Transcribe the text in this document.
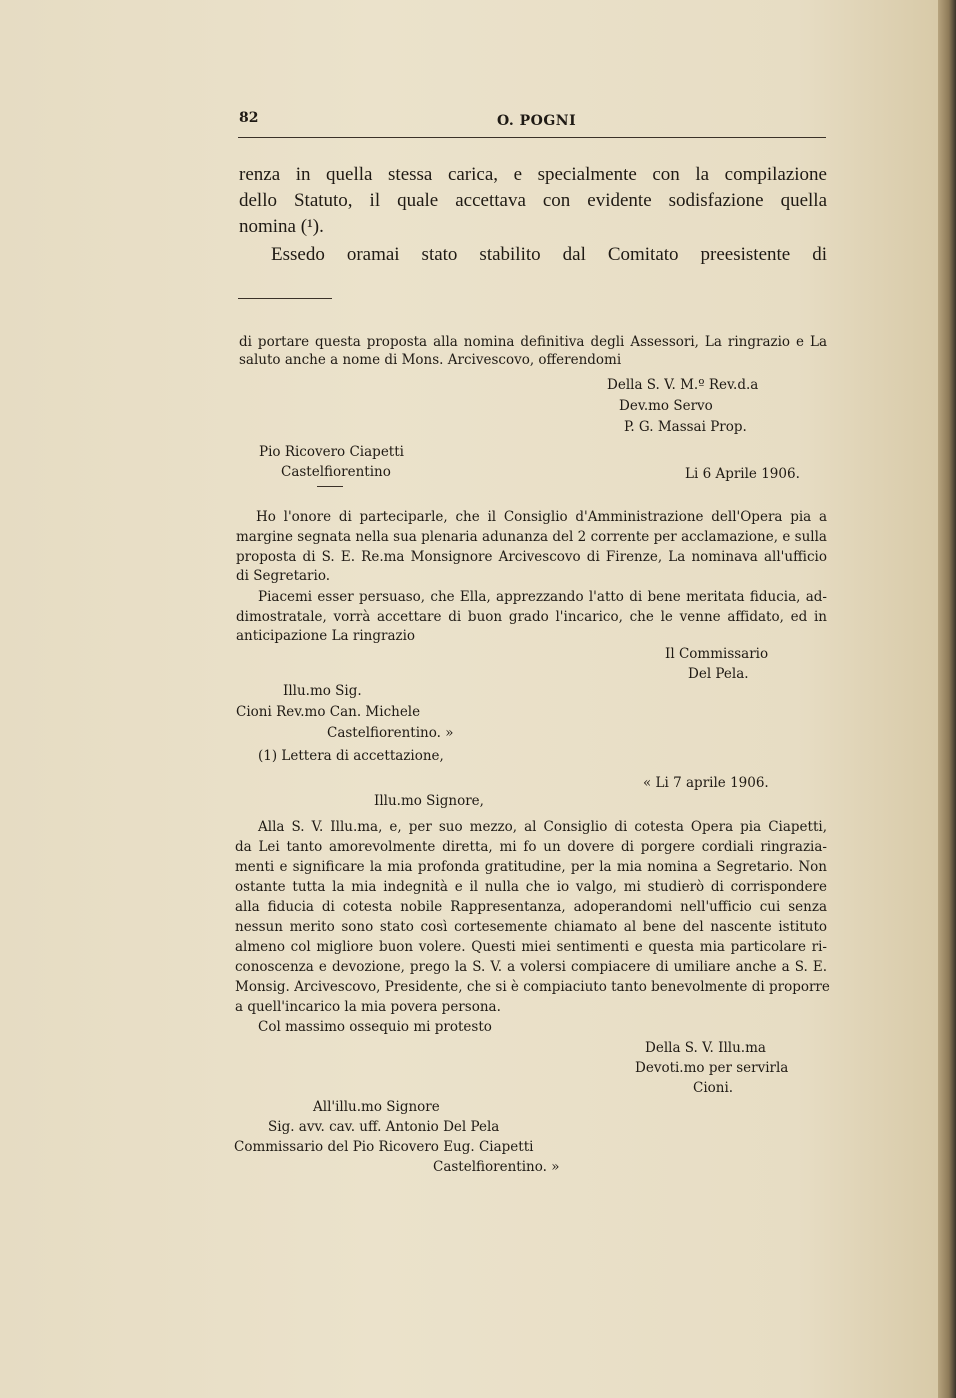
82	O. POGNI
renza in quella stessa carica, e specialmente con la compilazione
dello Statuto, il quale accettava con evidente sodisfazione quella
nomina (¹).
Essedo oramai stato stabilito dal Comitato preesistente di
di portare questa proposta alla nomina definitiva degli Assessori, La ringrazio e La
saluto anche a nome di Mons. Arcivescovo, offerendomi
Della S. V. M.º Rev.d.a
Dev.mo Servo
P. G. Massai Prop.
Pio Ricovero Ciapetti
Castelfiorentino	Li 6 Aprile 1906.
Ho l'onore di parteciparle, che il Consiglio d'Amministrazione dell'Opera pia a
margine segnata nella sua plenaria adunanza del 2 corrente per acclamazione, e sulla
proposta di S. E. Re.ma Monsignore Arcivescovo di Firenze, La nominava all'ufficio
di Segretario.
Piacemi esser persuaso, che Ella, apprezzando l'atto di bene meritata fiducia, ad-
dimostratale, vorrà accettare di buon grado l'incarico, che le venne affidato, ed in
anticipazione La ringrazio
Il Commissario
Del Pela.
Illu.mo Sig.
Cioni Rev.mo Can. Michele
Castelfiorentino. »
(1) Lettera di accettazione,
« Li 7 aprile 1906.
Illu.mo Signore,
Alla S. V. Illu.ma, e, per suo mezzo, al Consiglio di cotesta Opera pia Ciapetti,
da Lei tanto amorevolmente diretta, mi fo un dovere di porgere cordiali ringrazia-
menti e significare la mia profonda gratitudine, per la mia nomina a Segretario. Non
ostante tutta la mia indegnità e il nulla che io valgo, mi studierò di corrispondere
alla fiducia di cotesta nobile Rappresentanza, adoperandomi nell'ufficio cui senza
nessun merito sono stato così cortesemente chiamato al bene del nascente istituto
almeno col migliore buon volere. Questi miei sentimenti e questa mia particolare ri-
conoscenza e devozione, prego la S. V. a volersi compiacere di umiliare anche a S. E.
Monsig. Arcivescovo, Presidente, che si è compiaciuto tanto benevolmente di proporre
a quell'incarico la mia povera persona.
Col massimo ossequio mi protesto
Della S. V. Illu.ma
Devoti.mo per servirla
Cioni.
All'illu.mo Signore
Sig. avv. cav. uff. Antonio Del Pela
Commissario del Pio Ricovero Eug. Ciapetti
Castelfiorentino. »
